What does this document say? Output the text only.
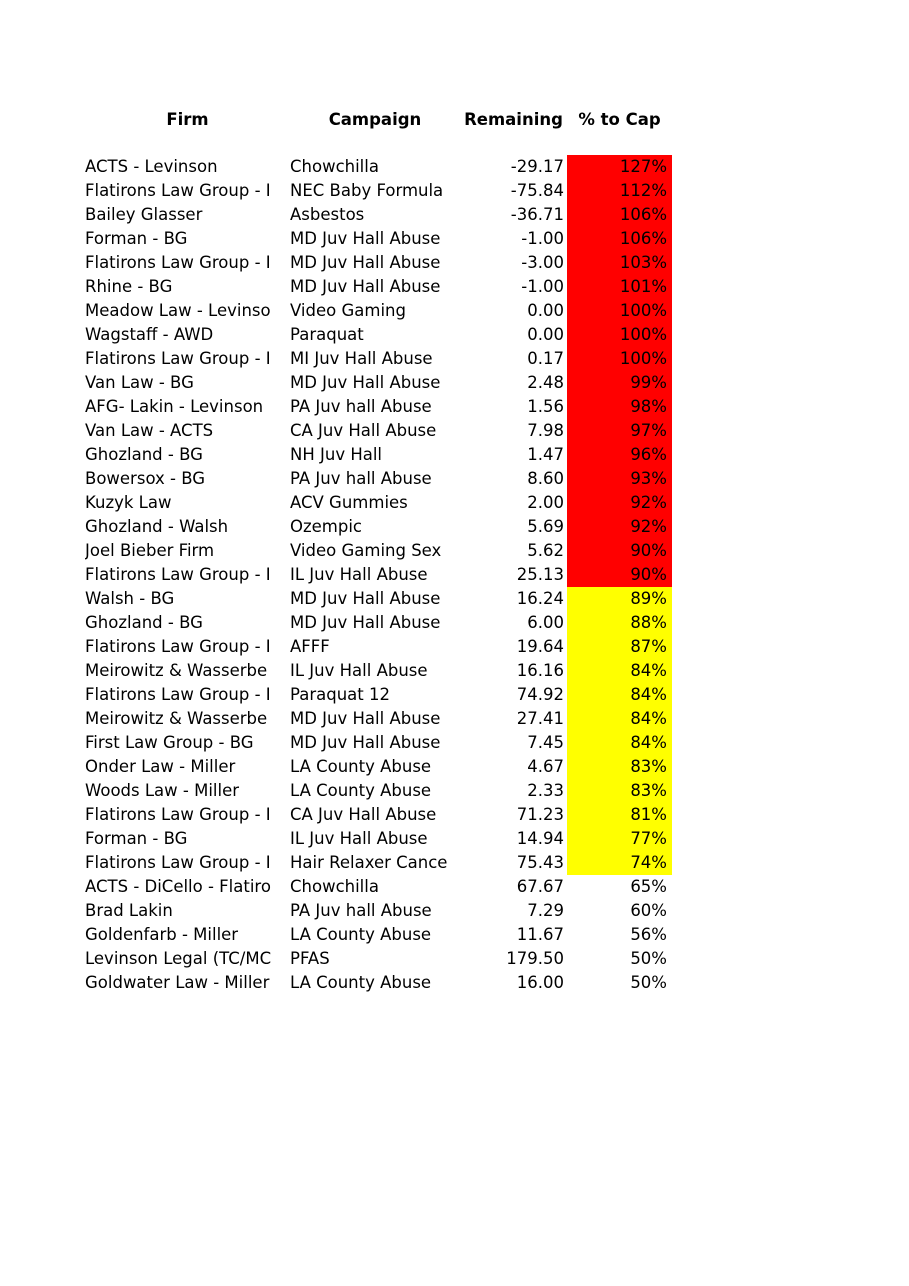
Firm	Campaign	Remaining % to Cap
ACTS - Levinson	Chowchilla	-29.17	127%
Flatirons Law Group - I	NEC Baby Formula	-75.84	112%
Bailey Glasser	Asbestos	-36.71	106%
Forman - BG	MD Juv Hall Abuse	-1.00	106%
Flatirons Law Group - I	MD Juv Hall Abuse	-3.00	103%
Rhine - BG	MD Juv Hall Abuse	-1.00	101%
Meadow Law - Levinso	Video Gaming	0.00	100%
Wagstaff - AWD	Paraquat	0.00	100%
Flatirons Law Group - I	MI Juv Hall Abuse	0.17	100%
Van Law - BG	MD Juv Hall Abuse	2.48	99%
AFG- Lakin - Levinson	PA Juv hall Abuse	1.56	98%
Van Law - ACTS	CA Juv Hall Abuse	7.98	97%
Ghozland - BG	NH Juv Hall	1.47	96%
Bowersox - BG	PA Juv hall Abuse	8.60	93%
Kuzyk Law	ACV Gummies	2.00	92%
Ghozland - Walsh	Ozempic	5.69	92%
Joel Bieber Firm	Video Gaming Sex	5.62	90%
Flatirons Law Group - I	IL Juv Hall Abuse	25.13	90%
Walsh - BG	MD Juv Hall Abuse	16.24	89%
Ghozland - BG	MD Juv Hall Abuse	6.00	88%
Flatirons Law Group - I	AFFF	19.64	87%
Meirowitz & Wasserbe	IL Juv Hall Abuse	16.16	84%
Flatirons Law Group - I	Paraquat 12	74.92	84%
Meirowitz & Wasserbe	MD Juv Hall Abuse	27.41	84%
First Law Group - BG	MD Juv Hall Abuse	7.45	84%
Onder Law - Miller	LA County Abuse	4.67	83%
Woods Law - Miller	LA County Abuse	2.33	83%
Flatirons Law Group - I	CA Juv Hall Abuse	71.23	81%
Forman - BG	IL Juv Hall Abuse	14.94	77%
Flatirons Law Group - I	Hair Relaxer Cance	75.43	74%
ACTS - DiCello - Flatiro	Chowchilla	67.67	65%
Brad Lakin	PA Juv hall Abuse	7.29	60%
Goldenfarb - Miller	LA County Abuse	11.67	56%
Levinson Legal (TC/MC	PFAS	179.50	50%
Goldwater Law - Miller	LA County Abuse	16.00	50%
